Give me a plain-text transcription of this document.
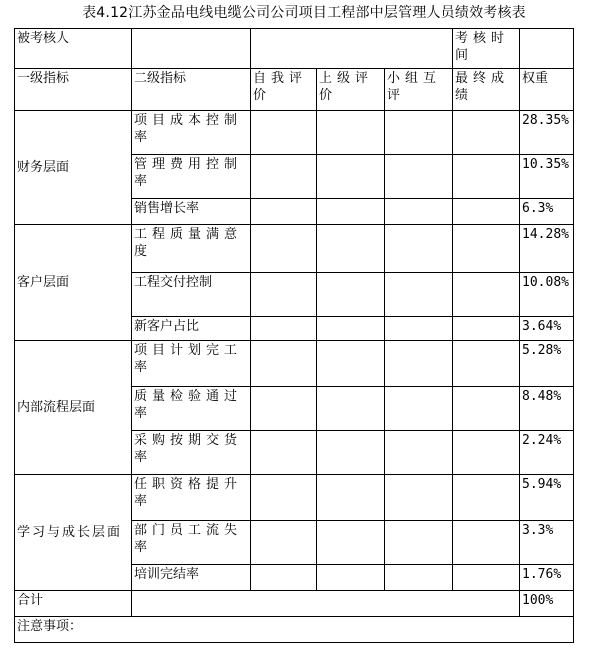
表4.12江苏金品电线电缆公司公司项目工程部中层管理人员绩效考核表
被考核人					考核时间	
一级指标	二级指标	自我评价	上级评价	小组互评	最终成绩	权重
财务层面	项目成本控制率					28.35%
	管理费用控制率					10.35%
	销售增长率					6.3%
客户层面	工程质量满意度					14.28%
	工程交付控制					10.08%
	新客户占比					3.64%
内部流程层面	项目计划完工率					5.28%
	质量检验通过率					8.48%
	采购按期交货率					2.24%
学习与成长层面	任职资格提升率					5.94%
	部门员工流失率					3.3%
	培训完结率					1.76%
合计						100%
注意事项：						
